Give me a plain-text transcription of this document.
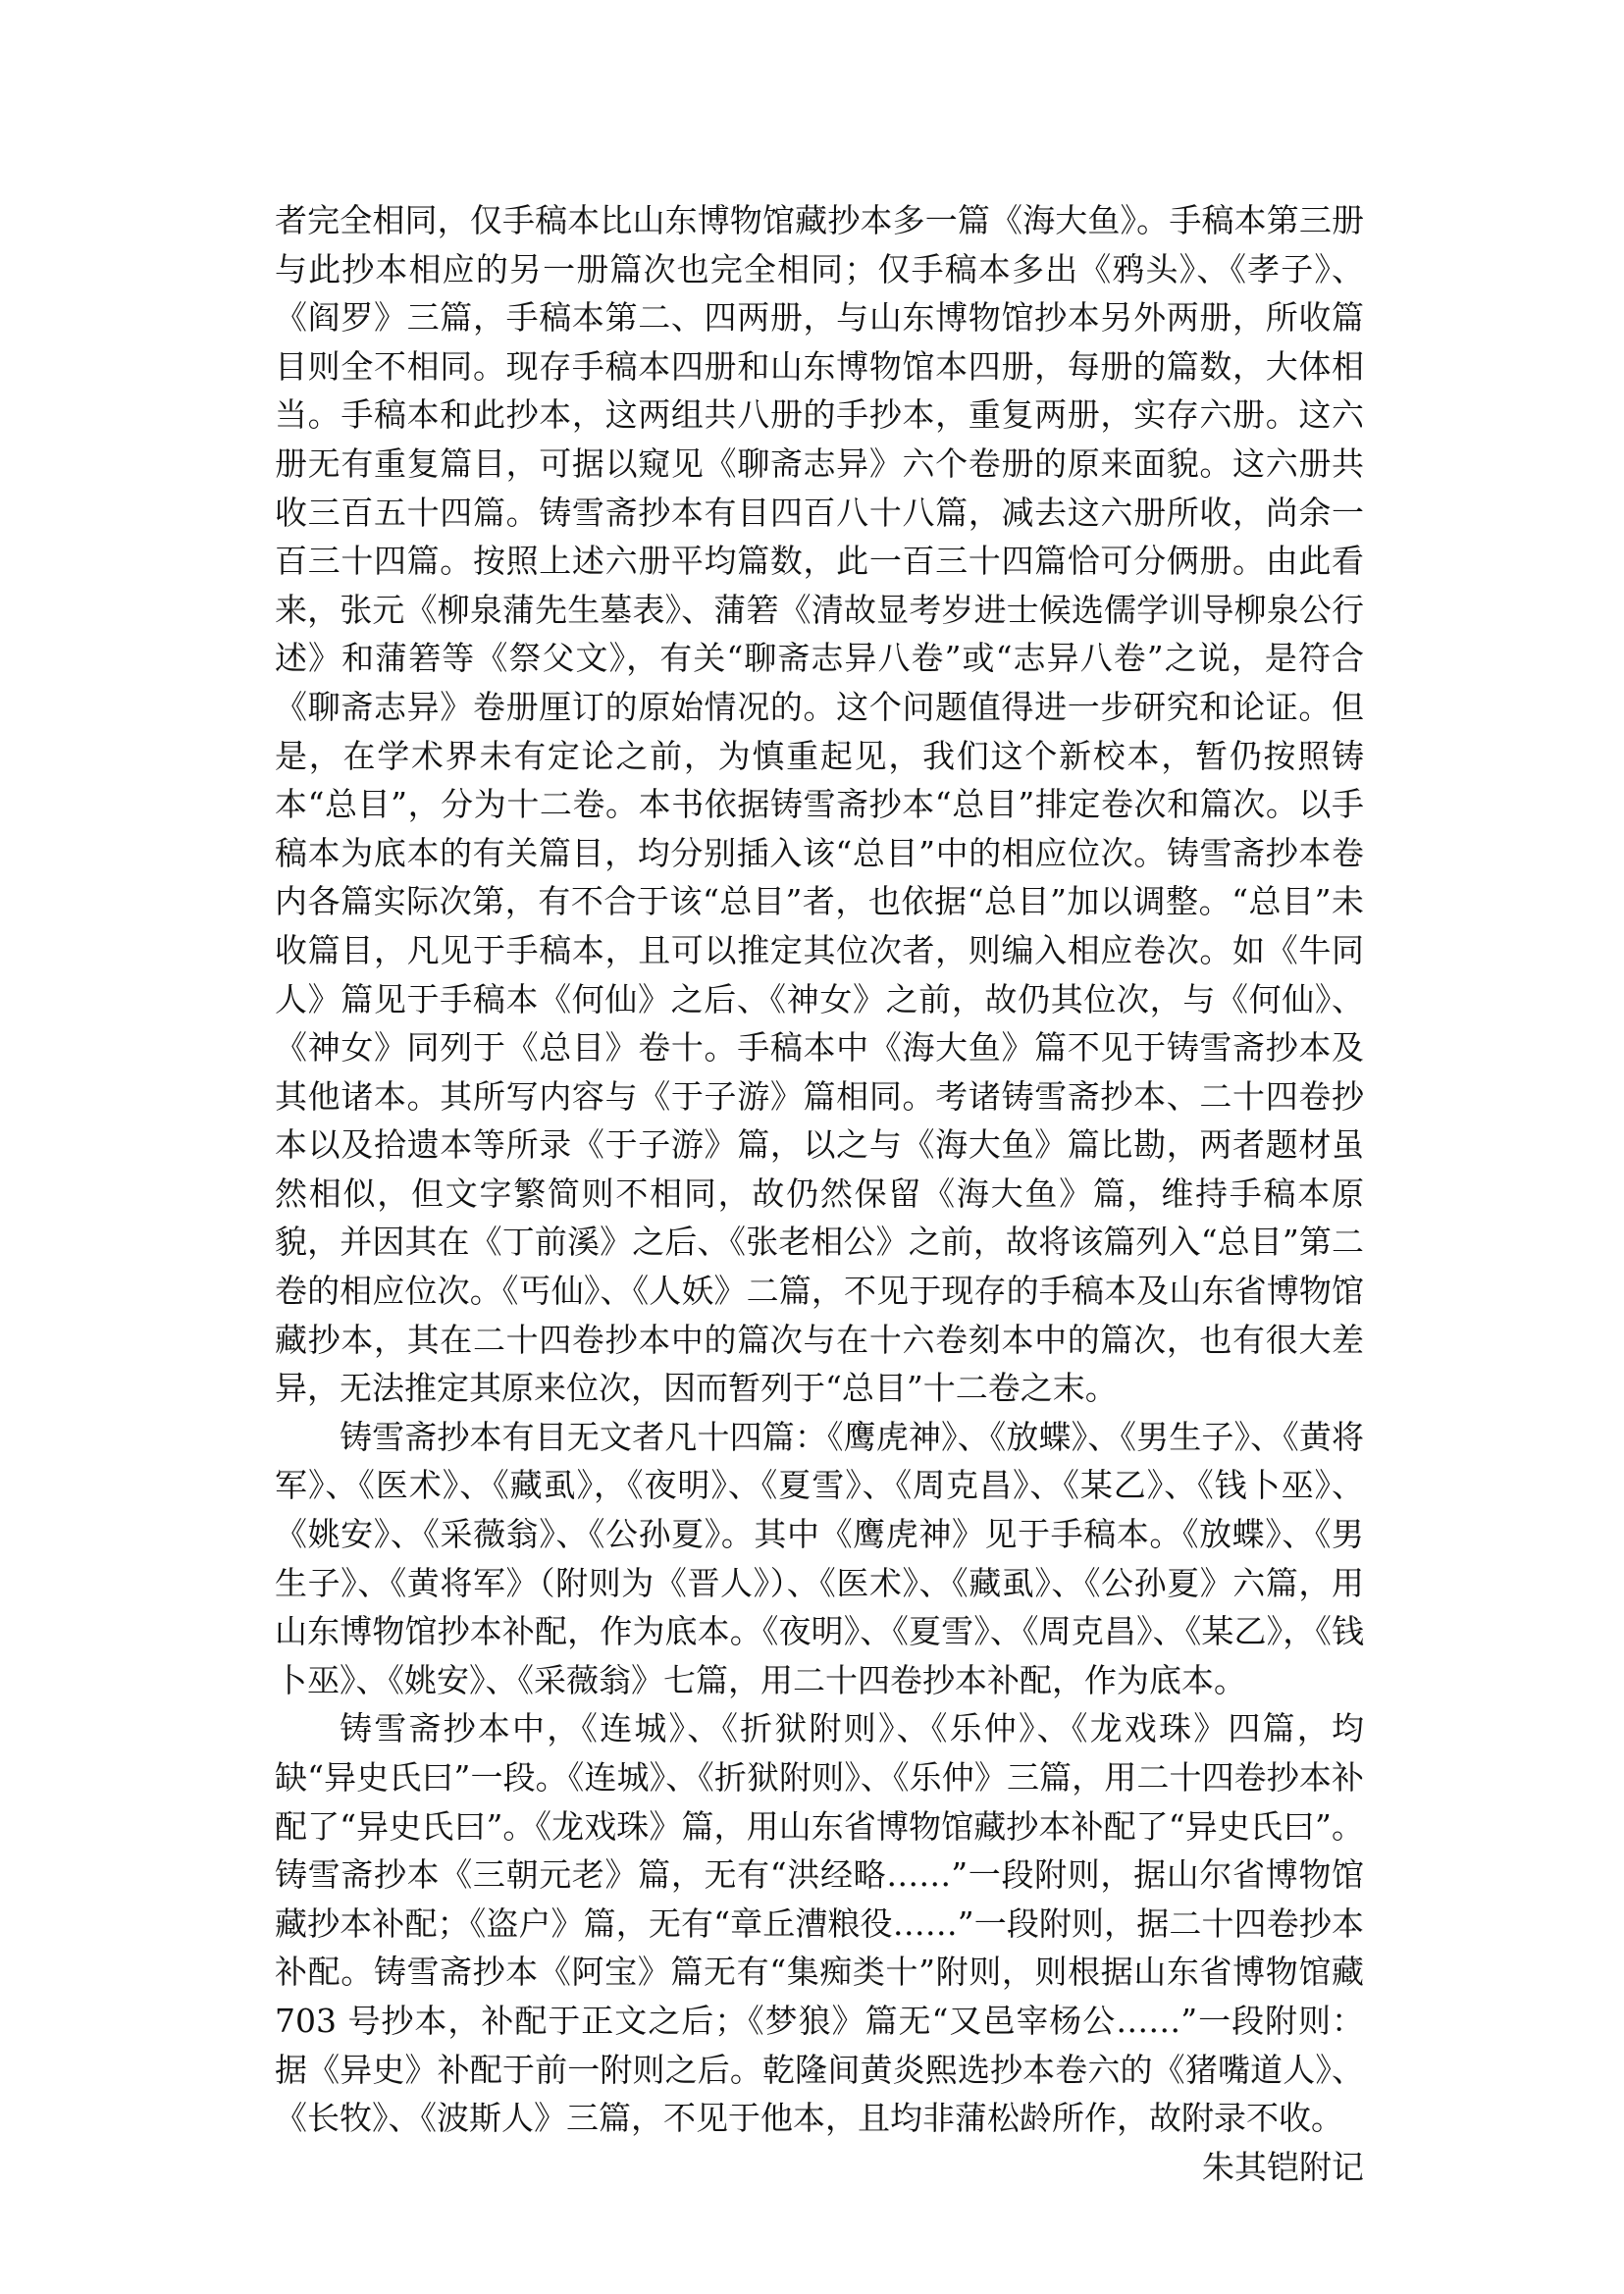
者完全相同，仅手稿本比山东博物馆藏抄本多一篇《海大鱼》。手稿本第三册与此抄本相应的另一册篇次也完全相同；仅手稿本多出《鸦头》、《孝子》、《阎罗》三篇，手稿本第二、四两册，与山东博物馆抄本另外两册，所收篇目则全不相同。现存手稿本四册和山东博物馆本四册，每册的篇数，大体相当。手稿本和此抄本，这两组共八册的手抄本，重复两册，实存六册。这六册无有重复篇目，可据以窥见《聊斋志异》六个卷册的原来面貌。这六册共收三百五十四篇。铸雪斋抄本有目四百八十八篇，减去这六册所收，尚余一百三十四篇。按照上述六册平均篇数，此一百三十四篇恰可分俩册。由此看来，张元《柳泉蒲先生墓表》、蒲箬《清故显考岁进士候选儒学训导柳泉公行述》和蒲箬等《祭父文》，有关“聊斋志异八卷”或“志异八卷”之说，是符合《聊斋志异》卷册厘订的原始情况的。这个问题值得进一步研究和论证。但是，在学术界未有定论之前，为慎重起见，我们这个新校本，暂仍按照铸本“总目”，分为十二卷。本书依据铸雪斋抄本“总目”排定卷次和篇次。以手稿本为底本的有关篇目，均分别插入该“总目”中的相应位次。铸雪斋抄本卷内各篇实际次第，有不合于该“总目”者，也依据“总目”加以调整。“总目”未收篇目，凡见于手稿本，且可以推定其位次者，则编入相应卷次。如《牛同人》篇见于手稿本《何仙》之后、《神女》之前，故仍其位次，与《何仙》、《神女》同列于《总目》卷十。手稿本中《海大鱼》篇不见于铸雪斋抄本及其他诸本。其所写内容与《于子游》篇相同。考诸铸雪斋抄本、二十四卷抄本以及拾遗本等所录《于子游》篇，以之与《海大鱼》篇比勘，两者题材虽然相似，但文字繁简则不相同，故仍然保留《海大鱼》篇，维持手稿本原貌，并因其在《丁前溪》之后、《张老相公》之前，故将该篇列入“总目”第二卷的相应位次。《丐仙》、《人妖》二篇，不见于现存的手稿本及山东省博物馆藏抄本，其在二十四卷抄本中的篇次与在十六卷刻本中的篇次，也有很大差异，无法推定其原来位次，因而暂列于“总目”十二卷之末。

铸雪斋抄本有目无文者凡十四篇：《鹰虎神》、《放蝶》、《男生子》、《黄将军》、《医术》、《藏虱》，《夜明》、《夏雪》、《周克昌》、《某乙》、《钱卜巫》、《姚安》、《采薇翁》、《公孙夏》。其中《鹰虎神》见于手稿本。《放蝶》、《男生子》、《黄将军》（附则为《晋人》）、《医术》、《藏虱》、《公孙夏》六篇，用山东博物馆抄本补配，作为底本。《夜明》、《夏雪》、《周克昌》、《某乙》，《钱卜巫》、《姚安》、《采薇翁》七篇，用二十四卷抄本补配，作为底本。

铸雪斋抄本中，《连城》、《折狱附则》、《乐仲》、《龙戏珠》四篇，均缺“异史氏曰”一段。《连城》、《折狱附则》、《乐仲》三篇，用二十四卷抄本补配了“异史氏曰”。《龙戏珠》篇，用山东省博物馆藏抄本补配了“异史氏曰”。铸雪斋抄本《三朝元老》篇，无有“洪经略……”一段附则，据山尔省博物馆藏抄本补配；《盗户》篇，无有“章丘漕粮役……”一段附则，据二十四卷抄本补配。铸雪斋抄本《阿宝》篇无有“集痴类十”附则，则根据山东省博物馆藏 703 号抄本，补配于正文之后；《梦狼》篇无“又邑宰杨公……”一段附则：据《异史》补配于前一附则之后。乾隆间黄炎熙选抄本卷六的《猪嘴道人》、《长牧》、《波斯人》三篇，不见于他本，且均非蒲松龄所作，故附录不收。

朱其铠附记
